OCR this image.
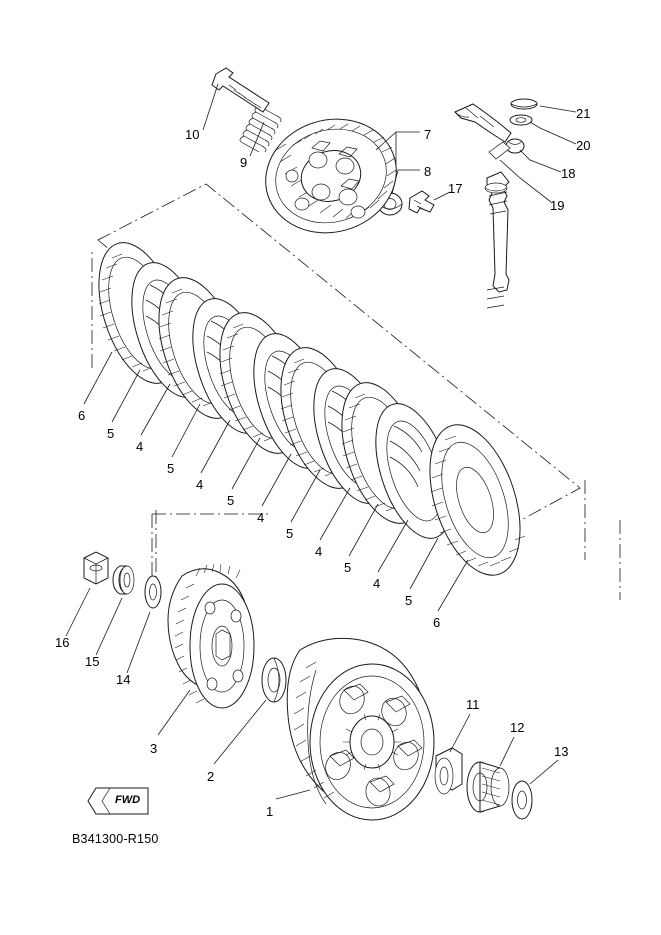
1
2
3
4
4
4
4
4
5
5
5
5
5
5
6
6
7
8
9
10
11
12
13
14
15
16
17
18
19
20
21
FWD
B341300-R150
